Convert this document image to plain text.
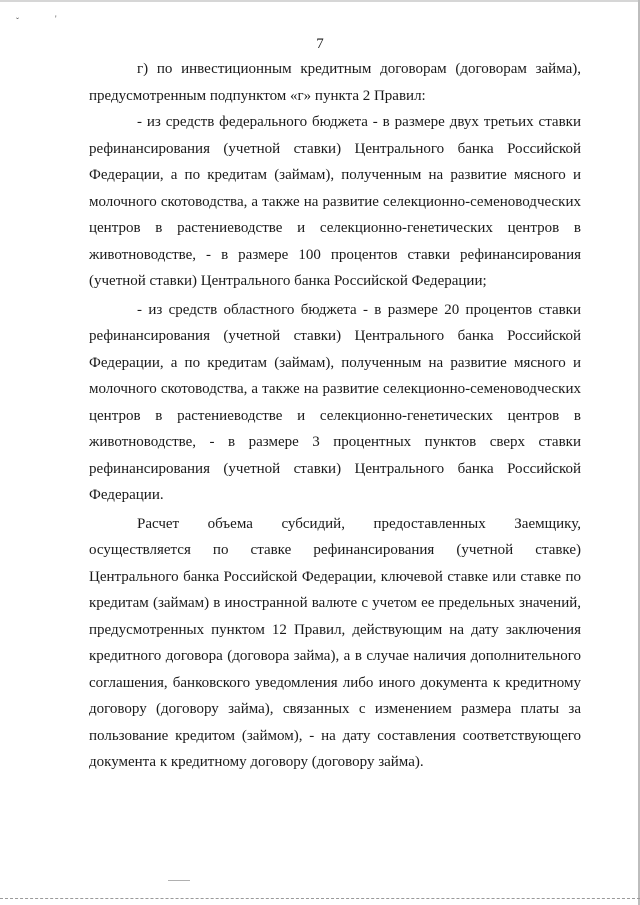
ˇ	'
7

г) по инвестиционным кредитным договорам (договорам займа), предусмотренным подпунктом «г» пункта 2 Правил:

- из средств федерального бюджета - в размере двух третьих ставки рефинансирования (учетной ставки) Центрального банка Российской Федерации, а по кредитам (займам), полученным на развитие мясного и молочного скотоводства, а также на развитие селекционно-семеноводческих центров в растениеводстве и селекционно-генетических центров в животноводстве, - в размере 100 процентов ставки рефинансирования (учетной ставки) Центрального банка Российской Федерации;

- из средств областного бюджета - в размере 20 процентов ставки рефинансирования (учетной ставки) Центрального банка Российской Федерации, а по кредитам (займам), полученным на развитие мясного и молочного скотоводства, а также на развитие селекционно-семеноводческих центров в растениеводстве и селекционно-генетических центров в животноводстве, - в размере 3 процентных пунктов сверх ставки рефинансирования (учетной ставки) Центрального банка Российской Федерации.

Расчет объема субсидий, предоставленных Заемщику, осуществляется по ставке рефинансирования (учетной ставке) Центрального банка Российской Федерации, ключевой ставке или ставке по кредитам (займам) в иностранной валюте с учетом ее предельных значений, предусмотренных пунктом 12 Правил, действующим на дату заключения кредитного договора (договора займа), а в случае наличия дополнительного соглашения, банковского уведомления либо иного документа к кредитному договору (договору займа), связанных с изменением размера платы за пользование кредитом (займом), - на дату составления соответствующего документа к кредитному договору (договору займа).
